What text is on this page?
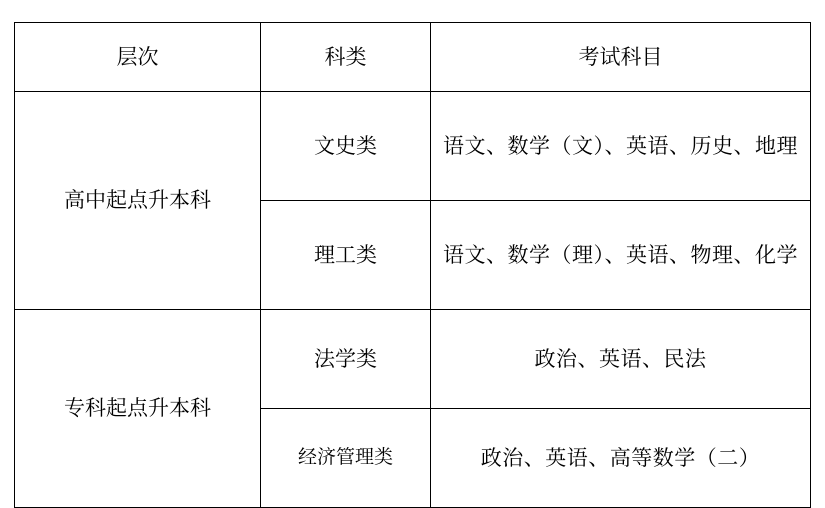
层次	科类	考试科目
高中起点升本科	文史类	语文、数学（文）、英语、历史、地理
	理工类	语文、数学（理）、英语、物理、化学
专科起点升本科	法学类	政治、英语、民法
	经济管理类	政治、英语、高等数学（二）
